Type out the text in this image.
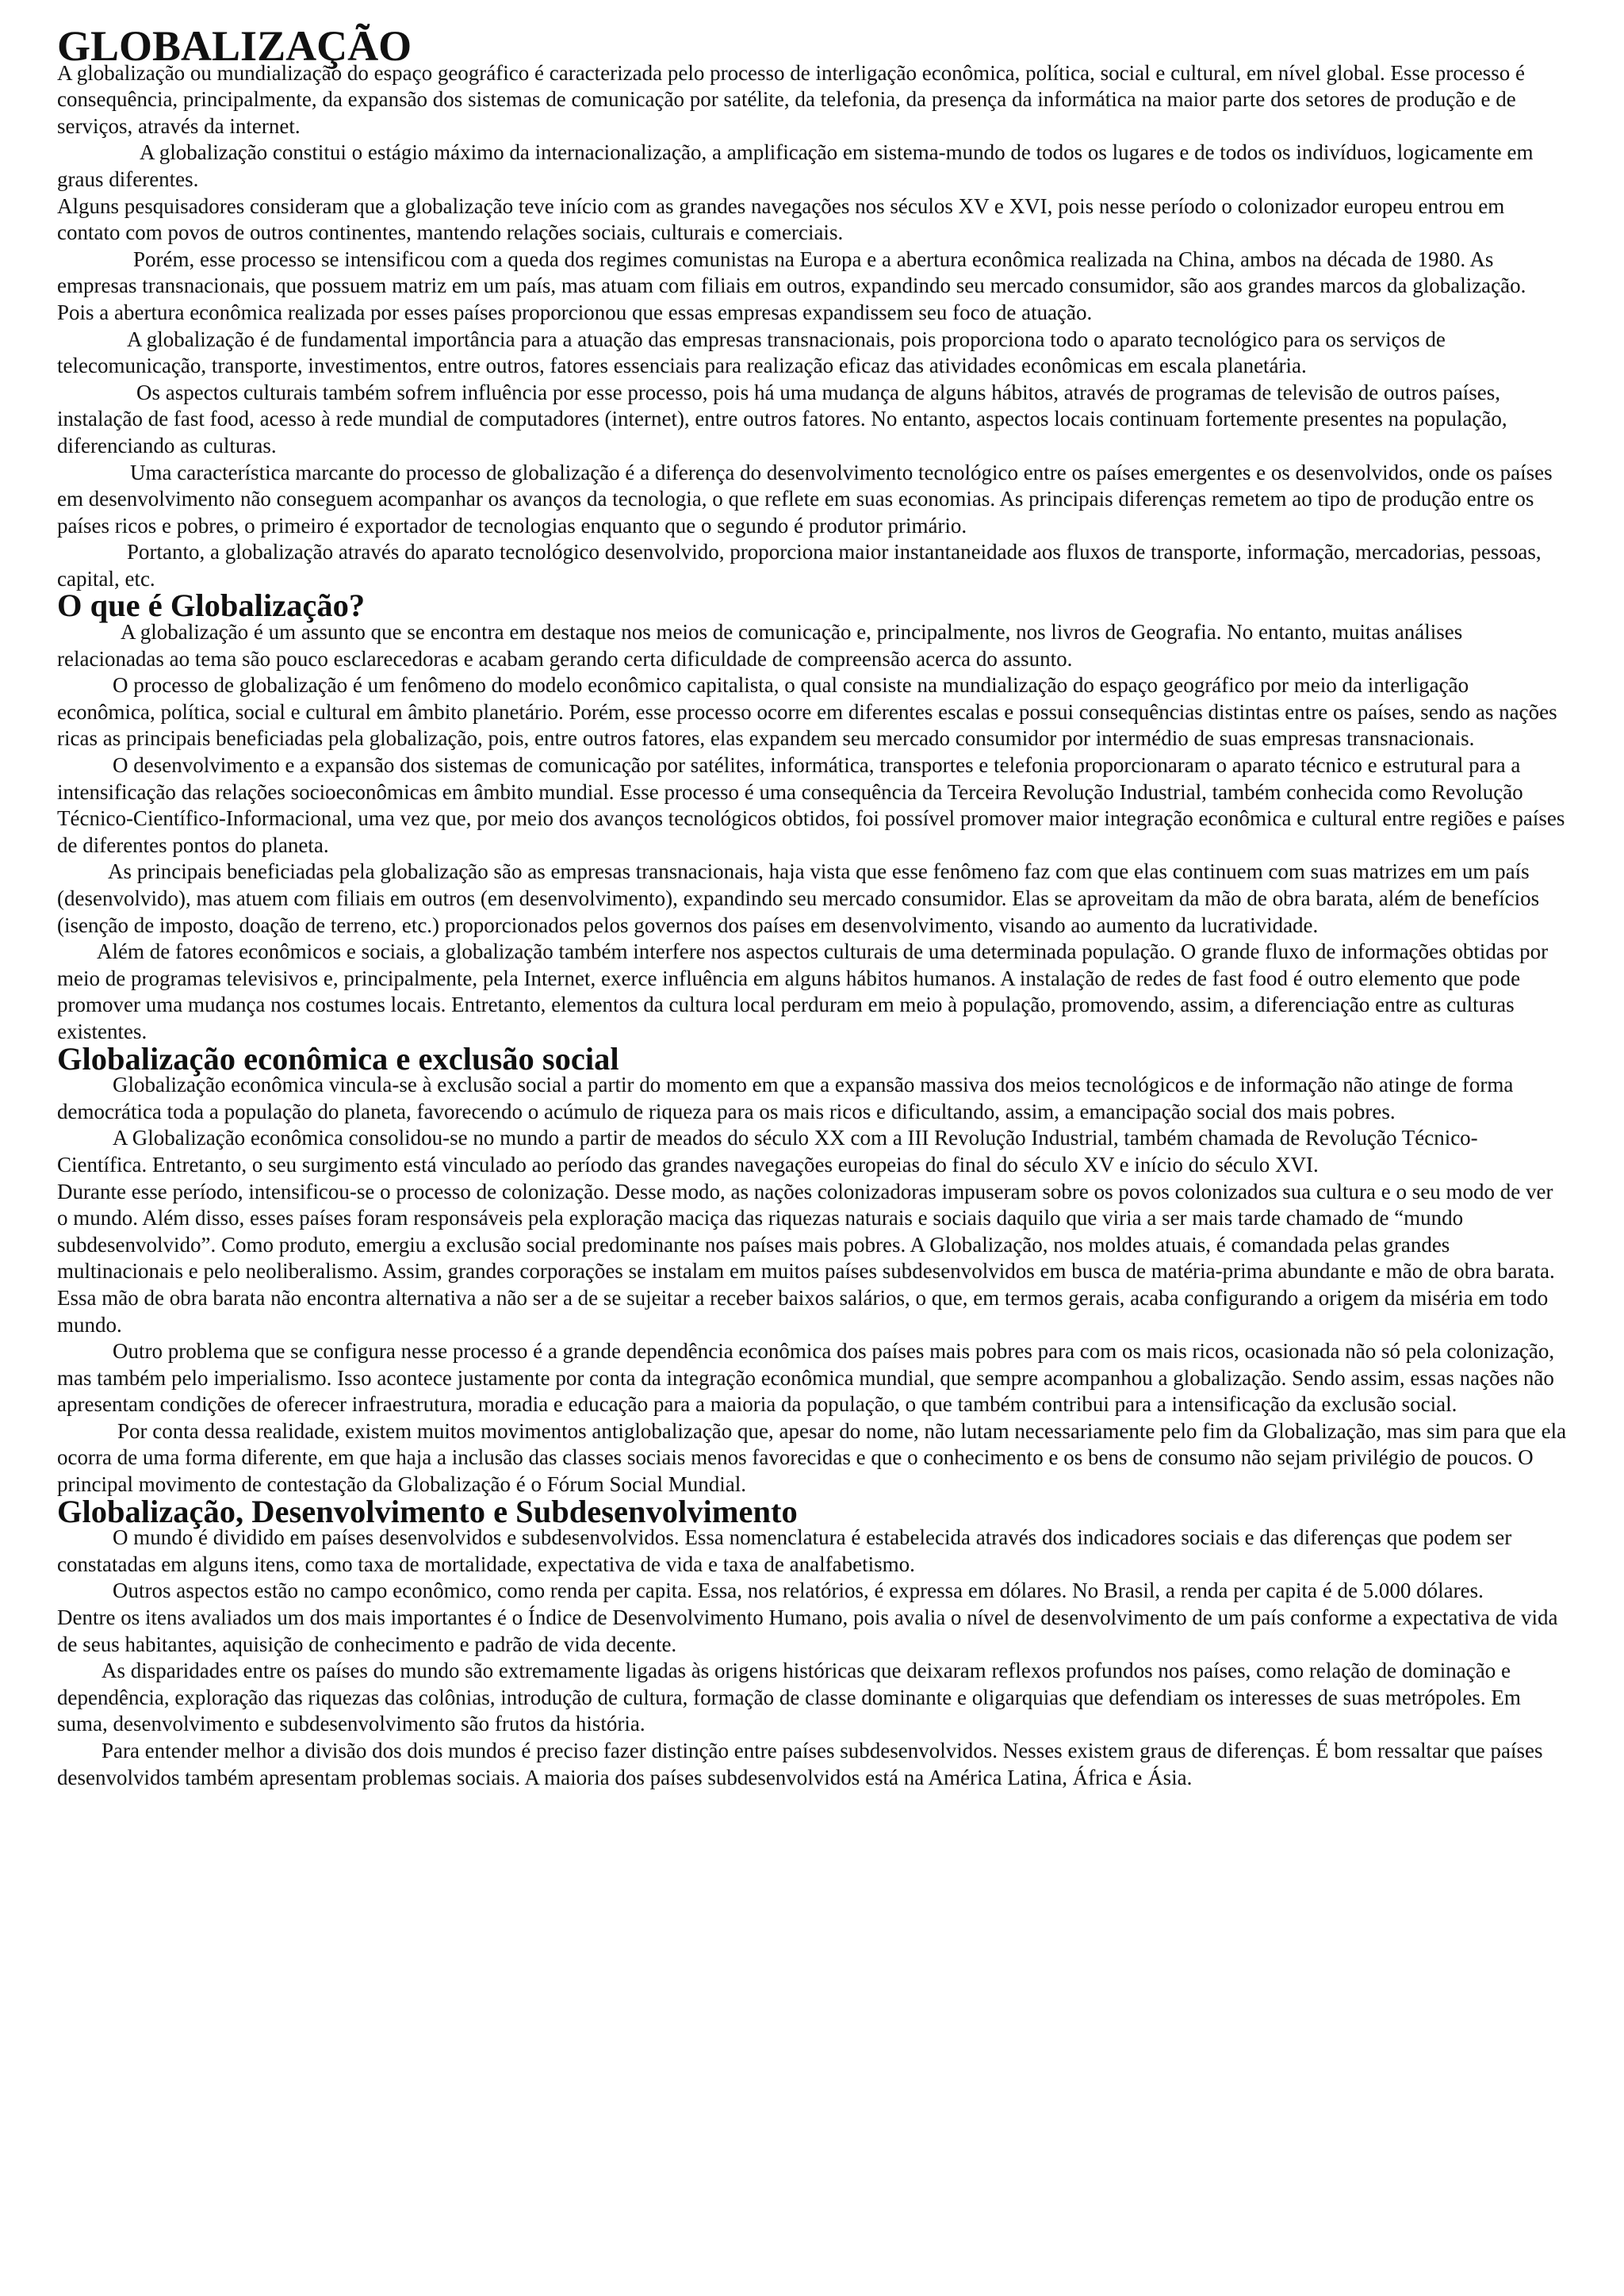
GLOBALIZAÇÃO

A globalização ou mundialização do espaço geográfico é caracterizada pelo processo de interligação econômica, política, social e cultural, em nível global. Esse processo é consequência, principalmente, da expansão dos sistemas de comunicação por satélite, da telefonia, da presença da informática na maior parte dos setores de produção e de serviços, através da internet.

A globalização constitui o estágio máximo da internacionalização, a amplificação em sistema-mundo de todos os lugares e de todos os indivíduos, logicamente em graus diferentes.

Alguns pesquisadores consideram que a globalização teve início com as grandes navegações nos séculos XV e XVI, pois nesse período o colonizador europeu entrou em contato com povos de outros continentes, mantendo relações sociais, culturais e comerciais.

Porém, esse processo se intensificou com a queda dos regimes comunistas na Europa e a abertura econômica realizada na China, ambos na década de 1980. As empresas transnacionais, que possuem matriz em um país, mas atuam com filiais em outros, expandindo seu mercado consumidor, são aos grandes marcos da globalização. Pois a abertura econômica realizada por esses países proporcionou que essas empresas expandissem seu foco de atuação.

A globalização é de fundamental importância para a atuação das empresas transnacionais, pois proporciona todo o aparato tecnológico para os serviços de telecomunicação, transporte, investimentos, entre outros, fatores essenciais para realização eficaz das atividades econômicas em escala planetária.

Os aspectos culturais também sofrem influência por esse processo, pois há uma mudança de alguns hábitos, através de programas de televisão de outros países, instalação de fast food, acesso à rede mundial de computadores (internet), entre outros fatores. No entanto, aspectos locais continuam fortemente presentes na população, diferenciando as culturas.

Uma característica marcante do processo de globalização é a diferença do desenvolvimento tecnológico entre os países emergentes e os desenvolvidos, onde os países em desenvolvimento não conseguem acompanhar os avanços da tecnologia, o que reflete em suas economias. As principais diferenças remetem ao tipo de produção entre os países ricos e pobres, o primeiro é exportador de tecnologias enquanto que o segundo é produtor primário.

Portanto, a globalização através do aparato tecnológico desenvolvido, proporciona maior instantaneidade aos fluxos de transporte, informação, mercadorias, pessoas, capital, etc.

O que é Globalização?

A globalização é um assunto que se encontra em destaque nos meios de comunicação e, principalmente, nos livros de Geografia. No entanto, muitas análises relacionadas ao tema são pouco esclarecedoras e acabam gerando certa dificuldade de compreensão acerca do assunto.

O processo de globalização é um fenômeno do modelo econômico capitalista, o qual consiste na mundialização do espaço geográfico por meio da interligação econômica, política, social e cultural em âmbito planetário. Porém, esse processo ocorre em diferentes escalas e possui consequências distintas entre os países, sendo as nações ricas as principais beneficiadas pela globalização, pois, entre outros fatores, elas expandem seu mercado consumidor por intermédio de suas empresas transnacionais.

O desenvolvimento e a expansão dos sistemas de comunicação por satélites, informática, transportes e telefonia proporcionaram o aparato técnico e estrutural para a intensificação das relações socioeconômicas em âmbito mundial. Esse processo é uma consequência da Terceira Revolução Industrial, também conhecida como Revolução Técnico-Científico-Informacional, uma vez que, por meio dos avanços tecnológicos obtidos, foi possível promover maior integração econômica e cultural entre regiões e países de diferentes pontos do planeta.

As principais beneficiadas pela globalização são as empresas transnacionais, haja vista que esse fenômeno faz com que elas continuem com suas matrizes em um país (desenvolvido), mas atuem com filiais em outros (em desenvolvimento), expandindo seu mercado consumidor. Elas se aproveitam da mão de obra barata, além de benefícios (isenção de imposto, doação de terreno, etc.) proporcionados pelos governos dos países em desenvolvimento, visando ao aumento da lucratividade.

Além de fatores econômicos e sociais, a globalização também interfere nos aspectos culturais de uma determinada população. O grande fluxo de informações obtidas por meio de programas televisivos e, principalmente, pela Internet, exerce influência em alguns hábitos humanos. A instalação de redes de fast food é outro elemento que pode promover uma mudança nos costumes locais. Entretanto, elementos da cultura local perduram em meio à população, promovendo, assim, a diferenciação entre as culturas existentes.

Globalização econômica e exclusão social

Globalização econômica vincula-se à exclusão social a partir do momento em que a expansão massiva dos meios tecnológicos e de informação não atinge de forma democrática toda a população do planeta, favorecendo o acúmulo de riqueza para os mais ricos e dificultando, assim, a emancipação social dos mais pobres.

A Globalização econômica consolidou-se no mundo a partir de meados do século XX com a III Revolução Industrial, também chamada de Revolução Técnico-Científica. Entretanto, o seu surgimento está vinculado ao período das grandes navegações europeias do final do século XV e início do século XVI.

Durante esse período, intensificou-se o processo de colonização. Desse modo, as nações colonizadoras impuseram sobre os povos colonizados sua cultura e o seu modo de ver o mundo. Além disso, esses países foram responsáveis pela exploração maciça das riquezas naturais e sociais daquilo que viria a ser mais tarde chamado de “mundo subdesenvolvido”. Como produto, emergiu a exclusão social predominante nos países mais pobres. A Globalização, nos moldes atuais, é comandada pelas grandes multinacionais e pelo neoliberalismo. Assim, grandes corporações se instalam em muitos países subdesenvolvidos em busca de matéria-prima abundante e mão de obra barata. Essa mão de obra barata não encontra alternativa a não ser a de se sujeitar a receber baixos salários, o que, em termos gerais, acaba configurando a origem da miséria em todo mundo.

Outro problema que se configura nesse processo é a grande dependência econômica dos países mais pobres para com os mais ricos, ocasionada não só pela colonização, mas também pelo imperialismo. Isso acontece justamente por conta da integração econômica mundial, que sempre acompanhou a globalização. Sendo assim, essas nações não apresentam condições de oferecer infraestrutura, moradia e educação para a maioria da população, o que também contribui para a intensificação da exclusão social.

Por conta dessa realidade, existem muitos movimentos antiglobalização que, apesar do nome, não lutam necessariamente pelo fim da Globalização, mas sim para que ela ocorra de uma forma diferente, em que haja a inclusão das classes sociais menos favorecidas e que o conhecimento e os bens de consumo não sejam privilégio de poucos. O principal movimento de contestação da Globalização é o Fórum Social Mundial.

Globalização, Desenvolvimento e Subdesenvolvimento

O mundo é dividido em países desenvolvidos e subdesenvolvidos. Essa nomenclatura é estabelecida através dos indicadores sociais e das diferenças que podem ser constatadas em alguns itens, como taxa de mortalidade, expectativa de vida e taxa de analfabetismo.

Outros aspectos estão no campo econômico, como renda per capita. Essa, nos relatórios, é expressa em dólares. No Brasil, a renda per capita é de 5.000 dólares.

Dentre os itens avaliados um dos mais importantes é o Índice de Desenvolvimento Humano, pois avalia o nível de desenvolvimento de um país conforme a expectativa de vida de seus habitantes, aquisição de conhecimento e padrão de vida decente.

As disparidades entre os países do mundo são extremamente ligadas às origens históricas que deixaram reflexos profundos nos países, como relação de dominação e dependência, exploração das riquezas das colônias, introdução de cultura, formação de classe dominante e oligarquias que defendiam os interesses de suas metrópoles. Em suma, desenvolvimento e subdesenvolvimento são frutos da história.

Para entender melhor a divisão dos dois mundos é preciso fazer distinção entre países subdesenvolvidos. Nesses existem graus de diferenças. É bom ressaltar que países desenvolvidos também apresentam problemas sociais. A maioria dos países subdesenvolvidos está na América Latina, África e Ásia.
